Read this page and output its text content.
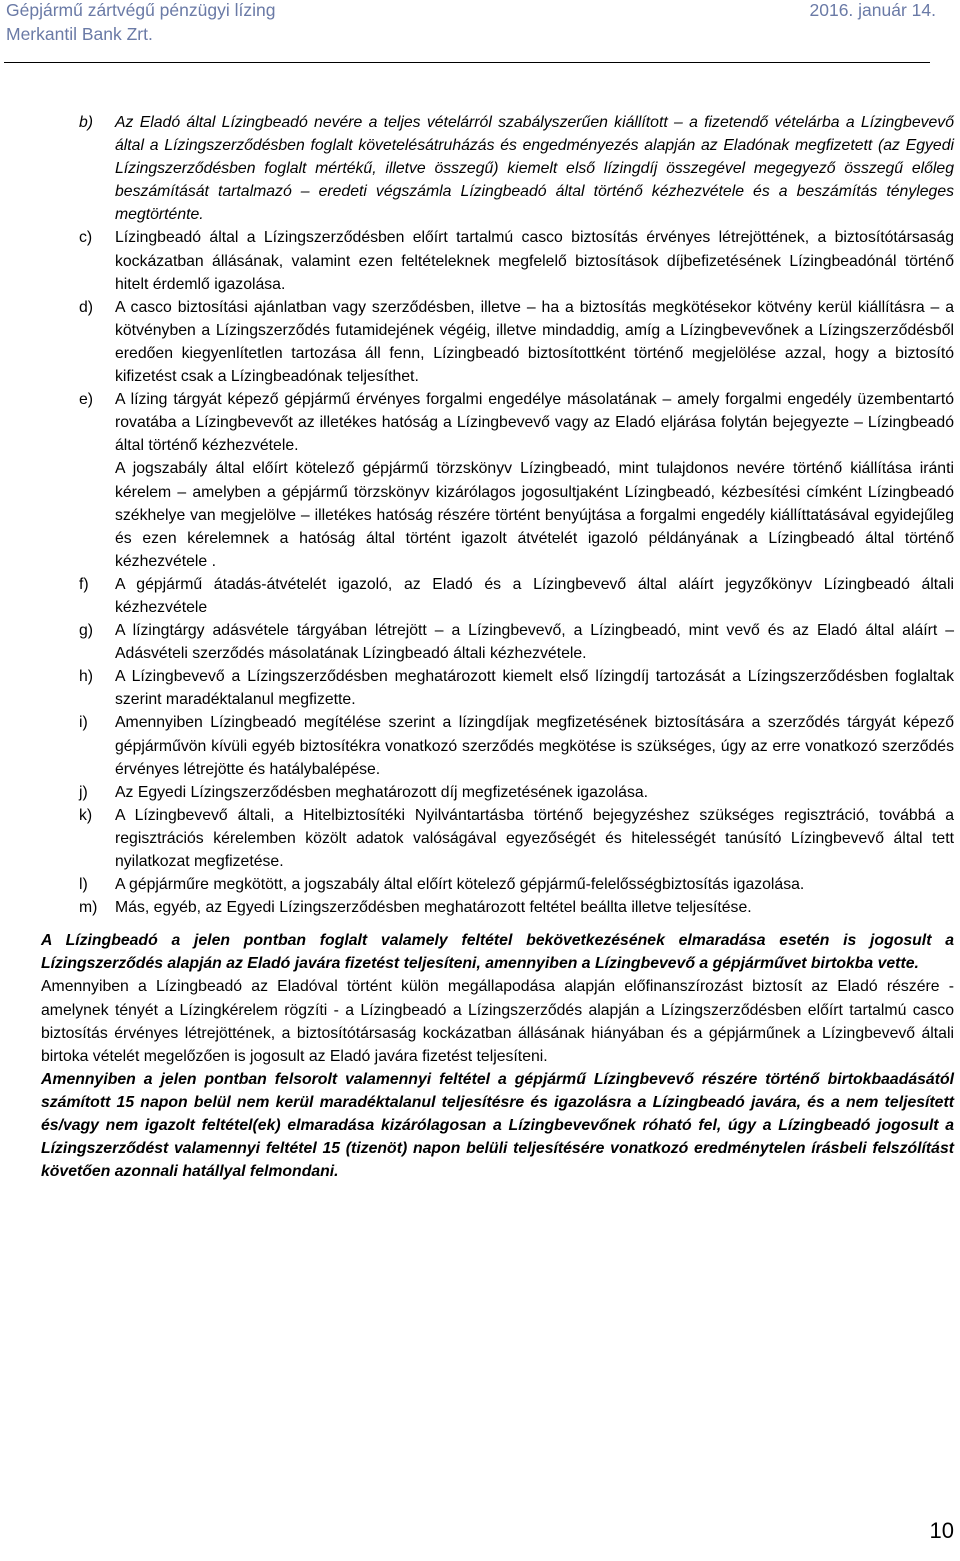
Gépjármű zártvégű pénzügyi lízing	2016. január 14.
Merkantil Bank Zrt.
b) Az Eladó által Lízingbeadó nevére a teljes vételárról szabályszerűen kiállított – a fizetendő vételárba a Lízingbevevő által a Lízingszerződésben foglalt követelésátruházás és engedményezés alapján az Eladónak megfizetett (az Egyedi Lízingszerződésben foglalt mértékű, illetve összegű) kiemelt első lízingdíj összegével megegyező összegű előleg beszámítását tartalmazó – eredeti végszámla Lízingbeadó által történő kézhezvétele és a beszámítás tényleges megtörténte.
c) Lízingbeadó által a Lízingszerződésben előírt tartalmú casco biztosítás érvényes létrejöttének, a biztosítótársaság kockázatban állásának, valamint ezen feltételeknek megfelelő biztosítások díjbefizetésének Lízingbeadónál történő hitelt érdemlő igazolása.
d) A casco biztosítási ajánlatban vagy szerződésben, illetve – ha a biztosítás megkötésekor kötvény kerül kiállításra – a kötvényben a Lízingszerződés futamidejének végéig, illetve mindaddig, amíg a Lízingbevevőnek a Lízingszerződésből eredően kiegyenlítetlen tartozása áll fenn, Lízingbeadó biztosítottként történő megjelölése azzal, hogy a biztosító kifizetést csak a Lízingbeadónak teljesíthet.
e) A lízing tárgyát képező gépjármű érvényes forgalmi engedélye másolatának – amely forgalmi engedély üzembentartó rovatába a Lízingbevevőt az illetékes hatóság a Lízingbevevő vagy az Eladó eljárása folytán bejegyezte – Lízingbeadó által történő kézhezvétele.
A jogszabály által előírt kötelező gépjármű törzskönyv Lízingbeadó, mint tulajdonos nevére történő kiállítása iránti kérelem – amelyben a gépjármű törzskönyv kizárólagos jogosultjaként Lízingbeadó, kézbesítési címként Lízingbeadó székhelye van megjelölve – illetékes hatóság részére történt benyújtása a forgalmi engedély kiállíttatásával egyidejűleg és ezen kérelemnek a hatóság által történt igazolt átvételét igazoló példányának a Lízingbeadó által történő kézhezvétele .
f) A gépjármű átadás-átvételét igazoló, az Eladó és a Lízingbevevő által aláírt jegyzőkönyv Lízingbeadó általi kézhezvétele
g) A lízingtárgy adásvétele tárgyában létrejött – a Lízingbevevő, a Lízingbeadó, mint vevő és az Eladó által aláírt – Adásvételi szerződés másolatának Lízingbeadó általi kézhezvétele.
h) A Lízingbevevő a Lízingszerződésben meghatározott kiemelt első lízingdíj tartozását a Lízingszerződésben foglaltak szerint maradéktalanul megfizette.
i) Amennyiben Lízingbeadó megítélése szerint a lízingdíjak megfizetésének biztosítására a szerződés tárgyát képező gépjárművön kívüli egyéb biztosítékra vonatkozó szerződés megkötése is szükséges, úgy az erre vonatkozó szerződés érvényes létrejötte és hatálybalépése.
j) Az Egyedi Lízingszerződésben meghatározott díj megfizetésének igazolása.
k) A Lízingbevevő általi, a Hitelbiztosítéki Nyilvántartásba történő bejegyzéshez szükséges regisztráció, továbbá a regisztrációs kérelemben közölt adatok valóságával egyezőségét és hitelességét tanúsító Lízingbevevő által tett nyilatkozat megfizetése.
l) A gépjárműre megkötött, a jogszabály által előírt kötelező gépjármű-felelősségbiztosítás igazolása.
m) Más, egyéb, az Egyedi Lízingszerződésben meghatározott feltétel beállta illetve teljesítése.
A Lízingbeadó a jelen pontban foglalt valamely feltétel bekövetkezésének elmaradása esetén is jogosult a Lízingszerződés alapján az Eladó javára fizetést teljesíteni, amennyiben a Lízingbevevő a gépjárművet birtokba vette.
Amennyiben a Lízingbeadó az Eladóval történt külön megállapodása alapján előfinanszírozást biztosít az Eladó részére - amelynek tényét a Lízingkérelem rögzíti - a Lízingbeadó a Lízingszerződés alapján a Lízingszerződésben előírt tartalmú casco biztosítás érvényes létrejöttének, a biztosítótársaság kockázatban állásának hiányában és a gépjárműnek a Lízingbevevő általi birtoka vételét megelőzően is jogosult az Eladó javára fizetést teljesíteni.
Amennyiben a jelen pontban felsorolt valamennyi feltétel a gépjármű Lízingbevevő részére történő birtokbaadásától számított 15 napon belül nem kerül maradéktalanul teljesítésre és igazolásra a Lízingbeadó javára, és a nem teljesített és/vagy nem igazolt feltétel(ek) elmaradása kizárólagosan a Lízingbevevőnek róható fel, úgy a Lízingbeadó jogosult a Lízingszerződést valamennyi feltétel 15 (tizenöt) napon belüli teljesítésére vonatkozó eredménytelen írásbeli felszólítást követően azonnali hatállyal felmondani.
10
